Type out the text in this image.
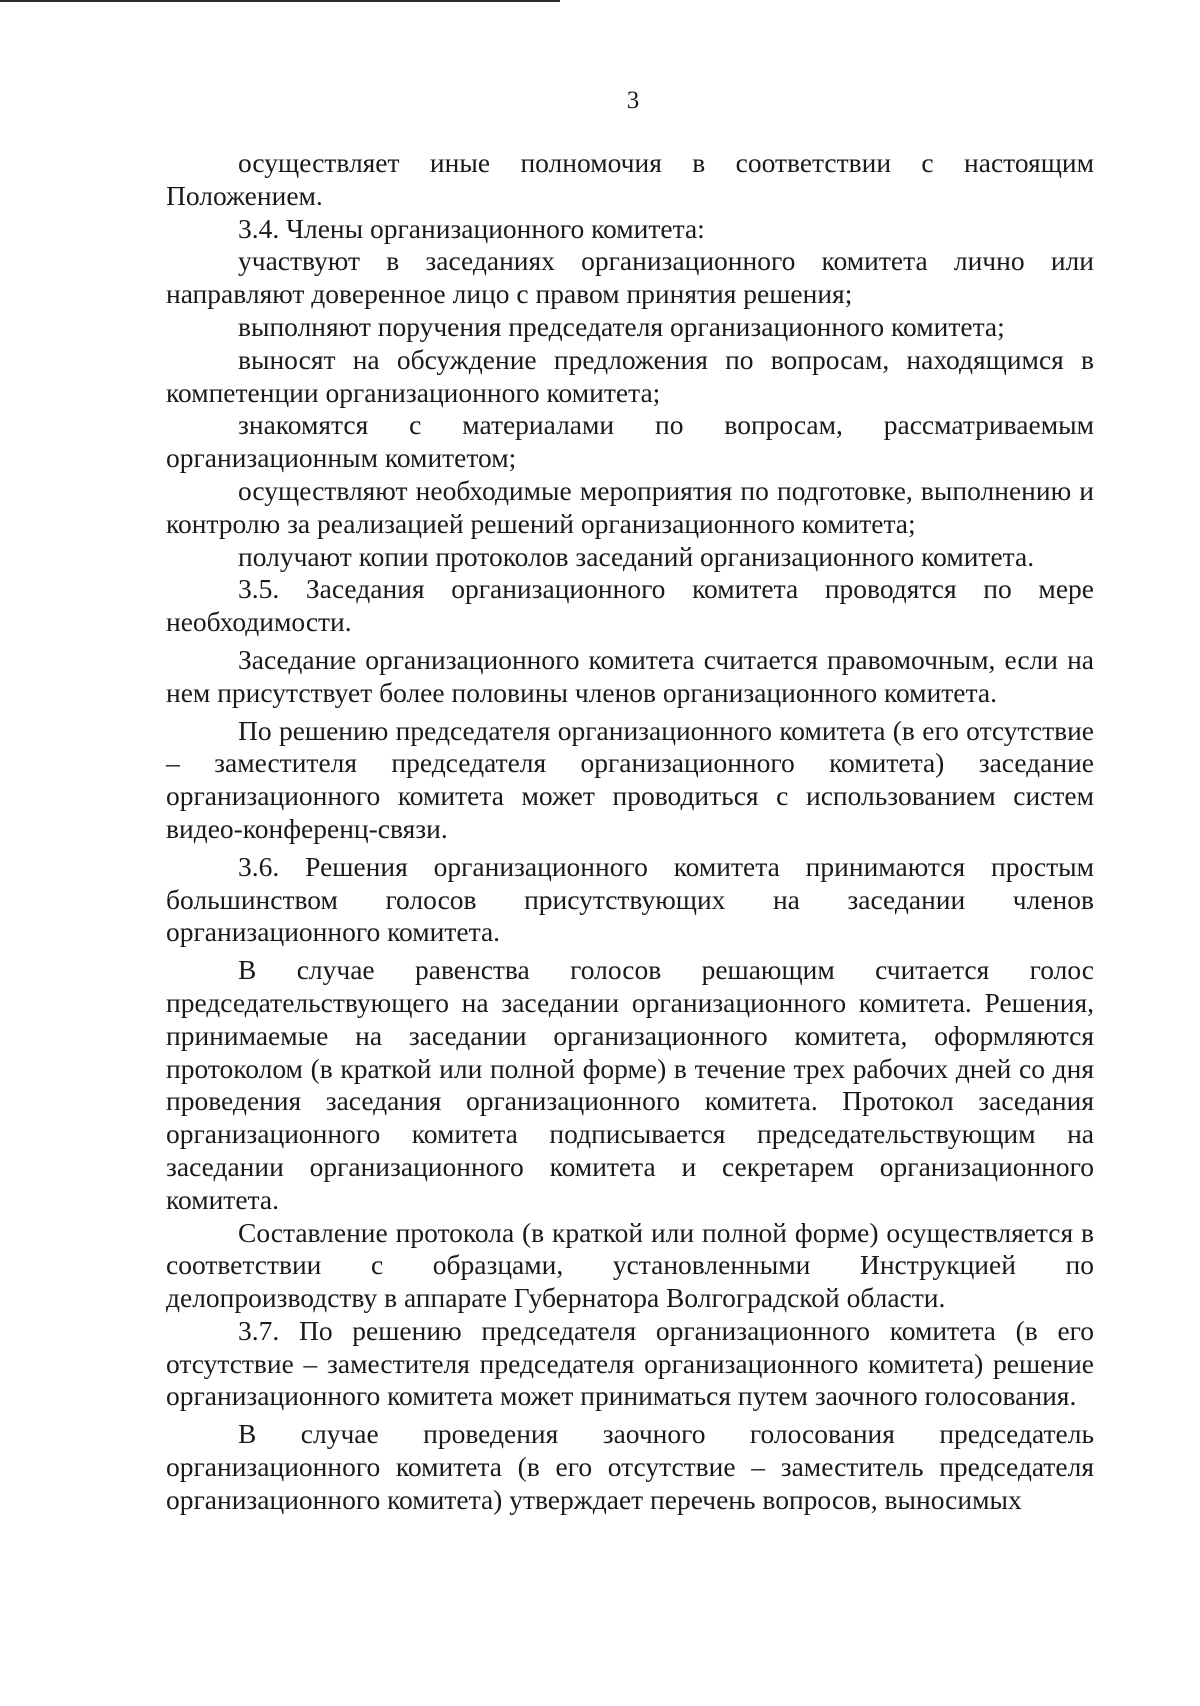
3

осуществляет иные полномочия в соответствии с настоящим Положением.

3.4. Члены организационного комитета:

участвуют в заседаниях организационного комитета лично или направляют доверенное лицо с правом принятия решения;

выполняют поручения председателя организационного комитета;

выносят на обсуждение предложения по вопросам, находящимся в компетенции организационного комитета;

знакомятся с материалами по вопросам, рассматриваемым организационным комитетом;

осуществляют необходимые мероприятия по подготовке, выполнению и контролю за реализацией решений организационного комитета;

получают копии протоколов заседаний организационного комитета.

3.5. Заседания организационного комитета проводятся по мере необходимости.

Заседание организационного комитета считается правомочным, если на нем присутствует более половины членов организационного комитета.

По решению председателя организационного комитета (в его отсутствие – заместителя председателя организационного комитета) заседание организационного комитета может проводиться с использованием систем видео-конференц-связи.

3.6. Решения организационного комитета принимаются простым большинством голосов присутствующих на заседании членов организационного комитета.

В случае равенства голосов решающим считается голос председательствующего на заседании организационного комитета. Решения, принимаемые на заседании организационного комитета, оформляются протоколом (в краткой или полной форме) в течение трех рабочих дней со дня проведения заседания организационного комитета. Протокол заседания организационного комитета подписывается председательствующим на заседании организационного комитета и секретарем организационного комитета.

Составление протокола (в краткой или полной форме) осуществляется в соответствии с образцами, установленными Инструкцией по делопроизводству в аппарате Губернатора Волгоградской области.

3.7. По решению председателя организационного комитета (в его отсутствие – заместителя председателя организационного комитета) решение организационного комитета может приниматься путем заочного голосования.

В случае проведения заочного голосования председатель организационного комитета (в его отсутствие – заместитель председателя организационного комитета) утверждает перечень вопросов, выносимых
